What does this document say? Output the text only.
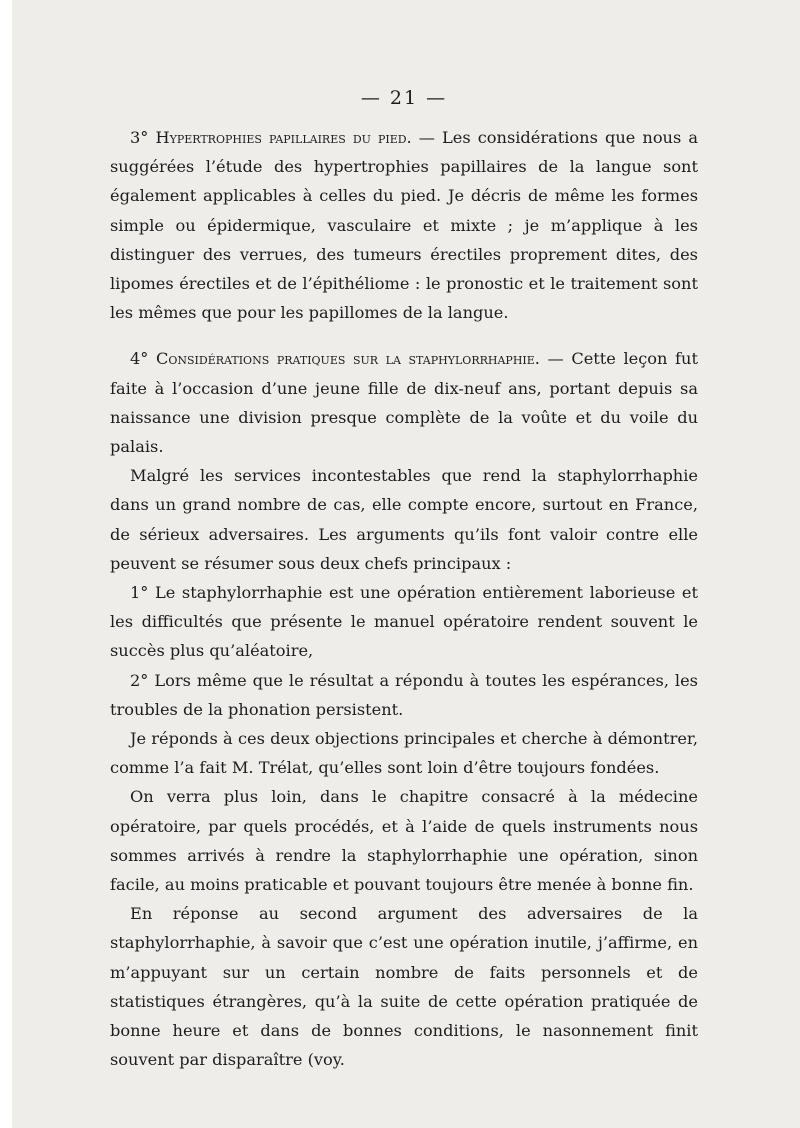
— 21 —

3° Hypertrophies papillaires du pied. — Les considérations que nous a suggérées l’étude des hypertrophies papillaires de la langue sont également applicables à celles du pied. Je décris de même les formes simple ou épidermique, vasculaire et mixte ; je m’applique à les distinguer des verrues, des tumeurs érectiles proprement dites, des lipomes érectiles et de l’épithéliome : le pronostic et le traitement sont les mêmes que pour les papillomes de la langue.

4° Considérations pratiques sur la staphylorrhaphie. — Cette leçon fut faite à l’occasion d’une jeune fille de dix-neuf ans, portant depuis sa naissance une division presque complète de la voûte et du voile du palais.

Malgré les services incontestables que rend la staphylorrhaphie dans un grand nombre de cas, elle compte encore, surtout en France, de sérieux adversaires. Les arguments qu’ils font valoir contre elle peuvent se résumer sous deux chefs principaux :

1° Le staphylorrhaphie est une opération entièrement laborieuse et les difficultés que présente le manuel opératoire rendent souvent le succès plus qu’aléatoire,

2° Lors même que le résultat a répondu à toutes les espérances, les troubles de la phonation persistent.

Je réponds à ces deux objections principales et cherche à démontrer, comme l’a fait M. Trélat, qu’elles sont loin d’être toujours fondées.

On verra plus loin, dans le chapitre consacré à la médecine opératoire, par quels procédés, et à l’aide de quels instruments nous sommes arrivés à rendre la staphylorrhaphie une opération, sinon facile, au moins praticable et pouvant toujours être menée à bonne fin.

En réponse au second argument des adversaires de la staphylorrhaphie, à savoir que c’est une opération inutile, j’affirme, en m’appuyant sur un certain nombre de faits personnels et de statistiques étrangères, qu’à la suite de cette opération pratiquée de bonne heure et dans de bonnes conditions, le nasonnement finit souvent par disparaître (voy.
